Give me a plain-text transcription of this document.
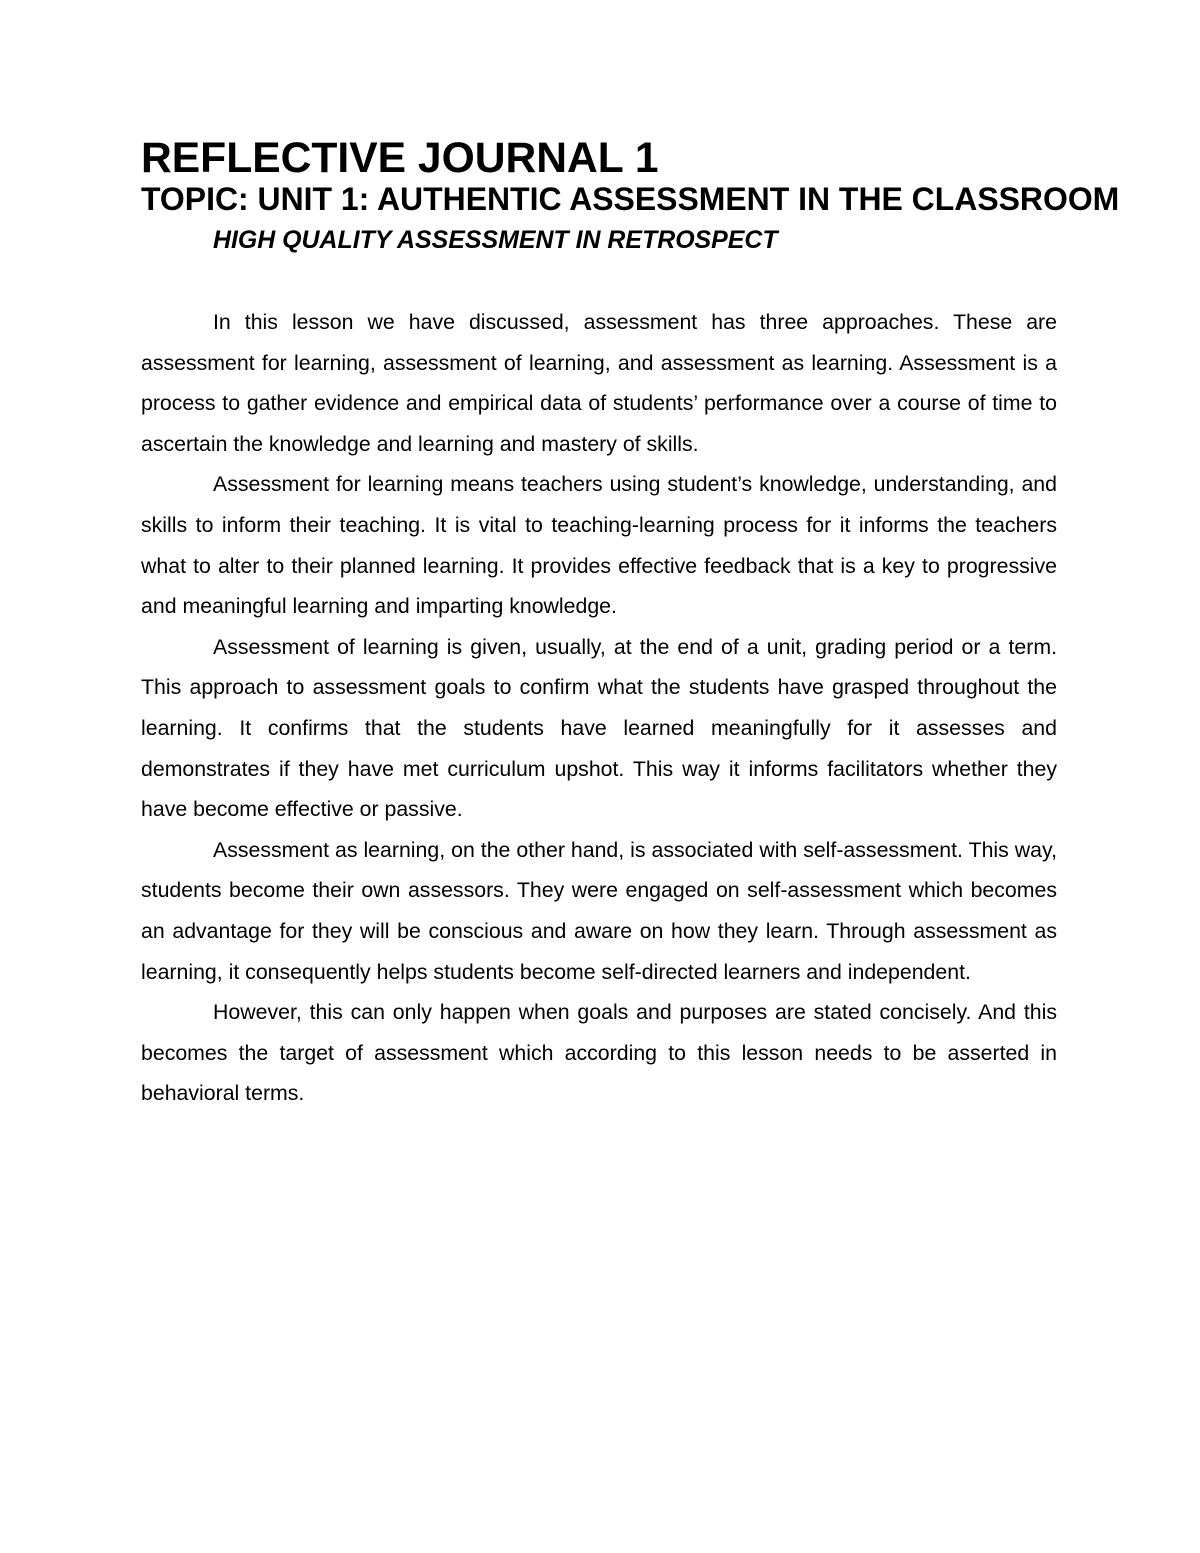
REFLECTIVE JOURNAL 1
TOPIC: UNIT 1: AUTHENTIC ASSESSMENT IN THE CLASSROOM
HIGH QUALITY ASSESSMENT IN RETROSPECT

In this lesson we have discussed, assessment has three approaches. These are assessment for learning, assessment of learning, and assessment as learning. Assessment is a process to gather evidence and empirical data of students’ performance over a course of time to ascertain the knowledge and learning and mastery of skills.

Assessment for learning means teachers using student’s knowledge, understanding, and skills to inform their teaching. It is vital to teaching-learning process for it informs the teachers what to alter to their planned learning. It provides effective feedback that is a key to progressive and meaningful learning and imparting knowledge.

Assessment of learning is given, usually, at the end of a unit, grading period or a term. This approach to assessment goals to confirm what the students have grasped throughout the learning. It confirms that the students have learned meaningfully for it assesses and demonstrates if they have met curriculum upshot. This way it informs facilitators whether they have become effective or passive.

Assessment as learning, on the other hand, is associated with self-assessment. This way, students become their own assessors. They were engaged on self-assessment which becomes an advantage for they will be conscious and aware on how they learn. Through assessment as learning, it consequently helps students become self-directed learners and independent.

However, this can only happen when goals and purposes are stated concisely. And this becomes the target of assessment which according to this lesson needs to be asserted in behavioral terms.
